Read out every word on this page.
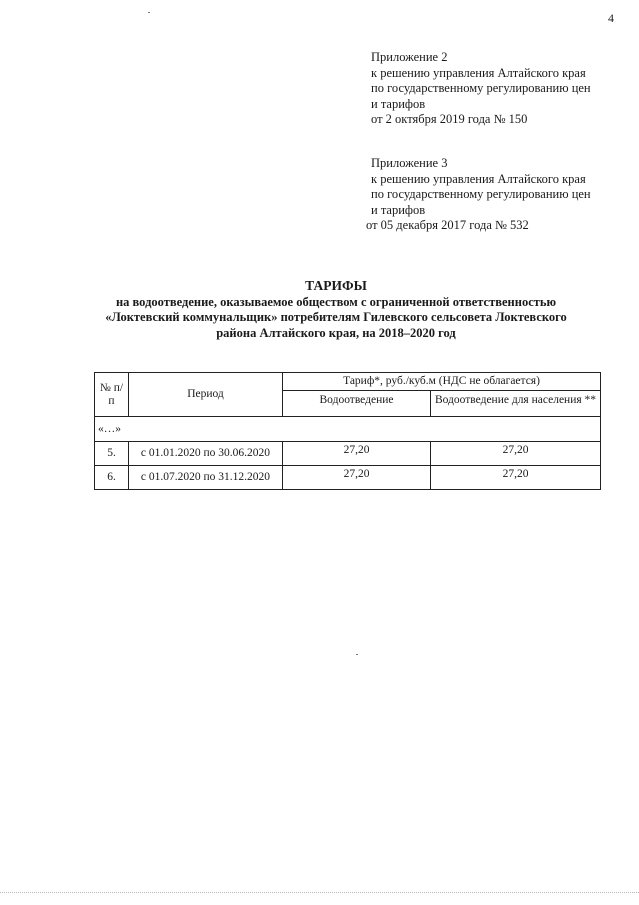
4
Приложение 2
к решению управления Алтайского края
по государственному регулированию цен
и тарифов
от 2 октября 2019 года № 150
Приложение 3
к решению управления Алтайского края
по государственному регулированию цен
и тарифов
от 05 декабря 2017 года № 532
ТАРИФЫ
на водоотведение, оказываемое обществом с ограниченной ответственностью
«Локтевский коммунальщик» потребителям Гилевского сельсовета Локтевского
района Алтайского края, на 2018–2020 год
№ п/п	Период	Тариф*, руб./куб.м (НДС не облагается)	
		Водоотведение	Водоотведение для населения **
«…»			
5.	с 01.01.2020 по 30.06.2020	27,20	27,20
6.	с 01.07.2020 по 31.12.2020	27,20	27,20
